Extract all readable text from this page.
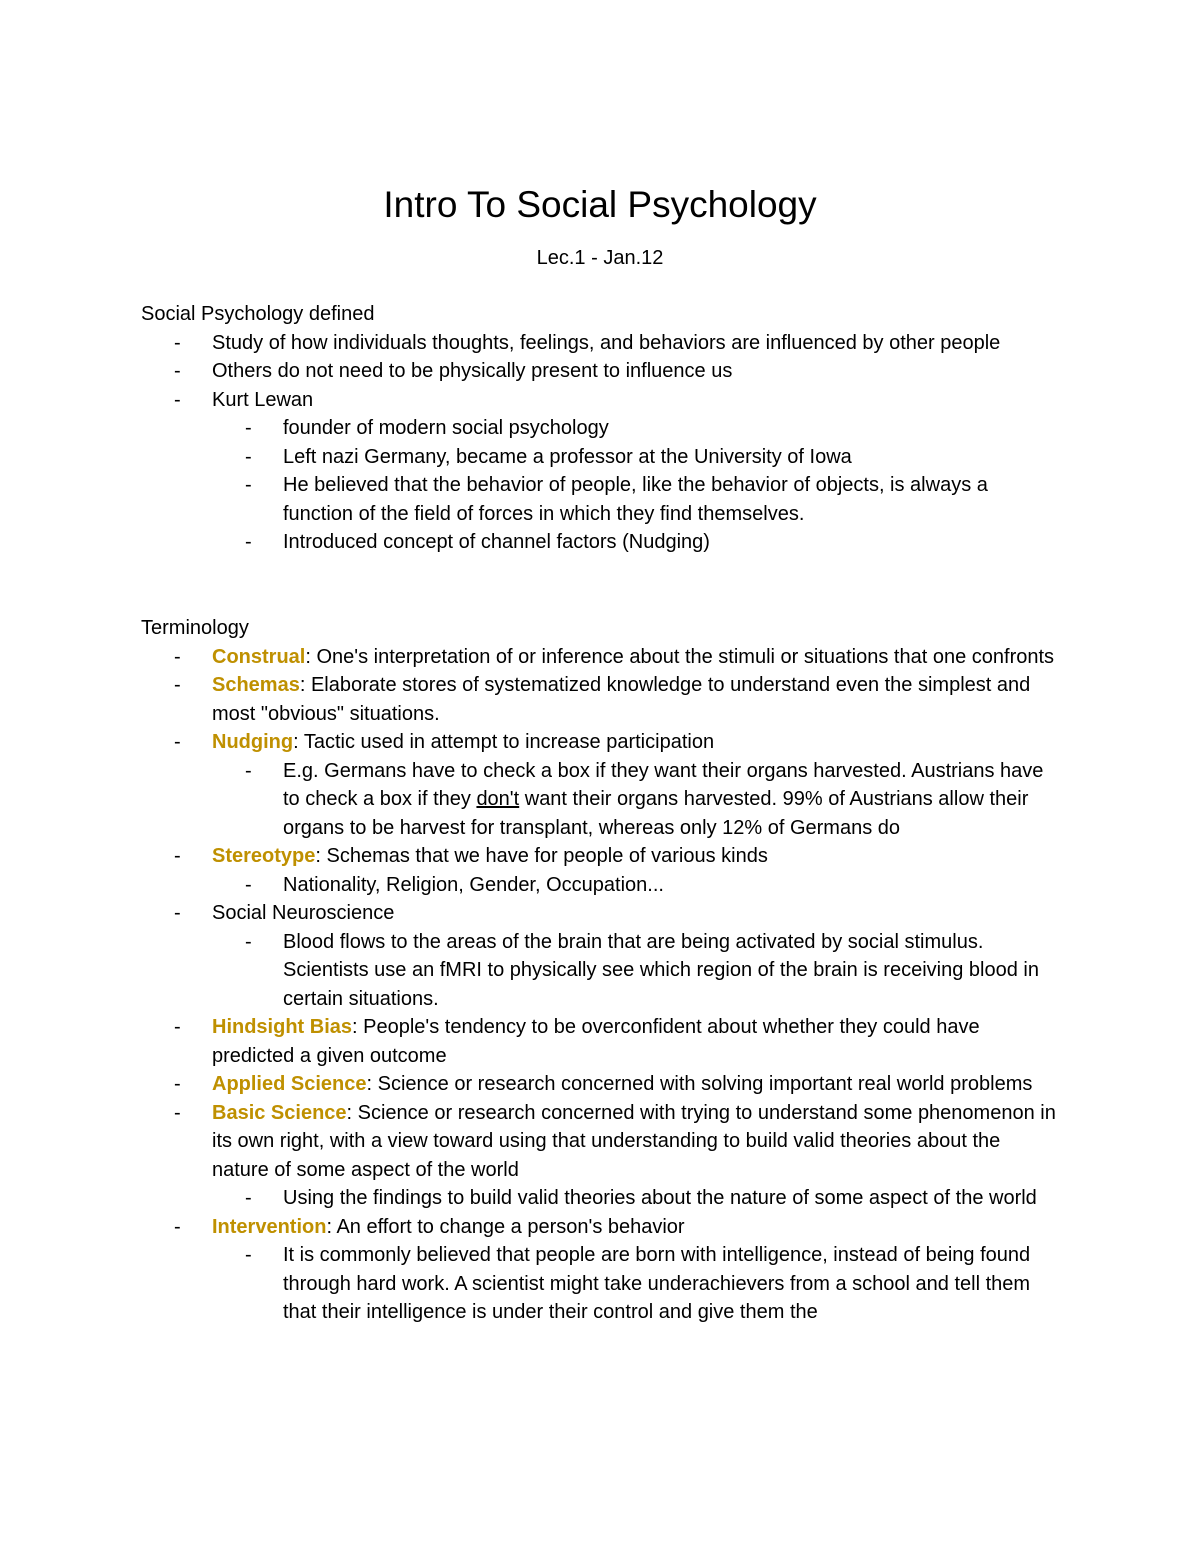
Intro To Social Psychology
Lec.1 - Jan.12

Social Psychology defined

- Study of how individuals thoughts, feelings, and behaviors are influenced by other people
- Others do not need to be physically present to influence us
- Kurt Lewan
- founder of modern social psychology
- Left nazi Germany, became a professor at the University of Iowa
- He believed that the behavior of people, like the behavior of objects, is always a function of the field of forces in which they find themselves.
- Introduced concept of channel factors (Nudging)

Terminology

- Construal: One's interpretation of or inference about the stimuli or situations that one confronts
- Schemas: Elaborate stores of systematized knowledge to understand even the simplest and most "obvious" situations.
- Nudging: Tactic used in attempt to increase participation
- E.g. Germans have to check a box if they want their organs harvested. Austrians have to check a box if they don't want their organs harvested. 99% of Austrians allow their organs to be harvest for transplant, whereas only 12% of Germans do
- Stereotype: Schemas that we have for people of various kinds
- Nationality, Religion, Gender, Occupation...
- Social Neuroscience
- Blood flows to the areas of the brain that are being activated by social stimulus. Scientists use an fMRI to physically see which region of the brain is receiving blood in certain situations.
- Hindsight Bias: People's tendency to be overconfident about whether they could have predicted a given outcome
- Applied Science: Science or research concerned with solving important real world problems
- Basic Science: Science or research concerned with trying to understand some phenomenon in its own right, with a view toward using that understanding to build valid theories about the nature of some aspect of the world
- Using the findings to build valid theories about the nature of some aspect of the world
- Intervention: An effort to change a person's behavior
- It is commonly believed that people are born with intelligence, instead of being found through hard work. A scientist might take underachievers from a school and tell them that their intelligence is under their control and give them the
